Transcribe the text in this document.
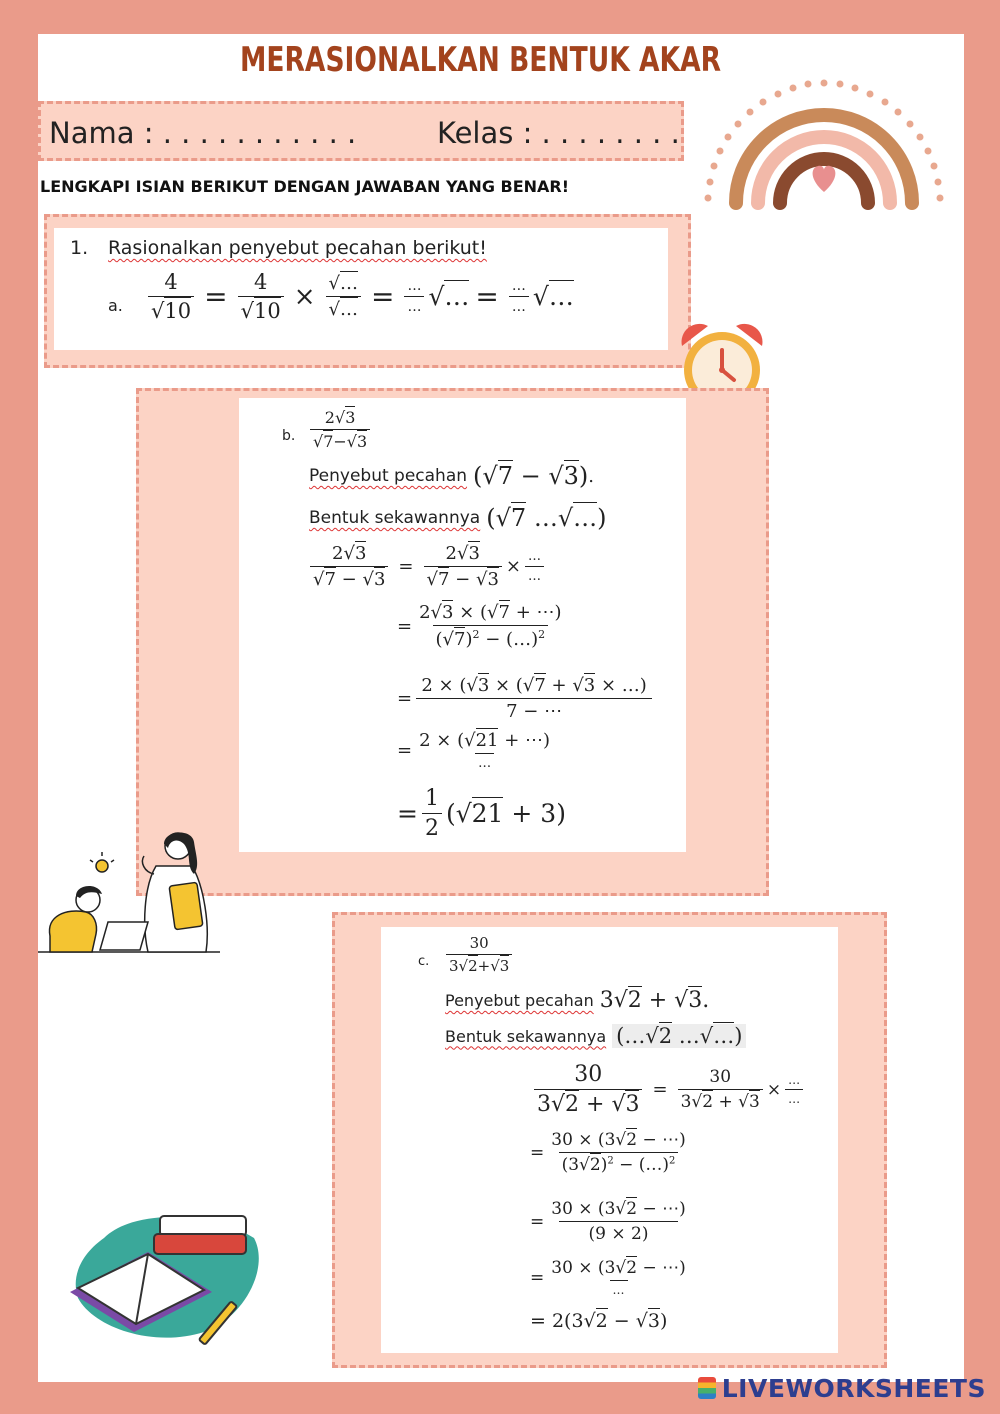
MERASIONALKAN BENTUK AKAR
Nama : . . . . . . . . . . .	Kelas : . . . . . . . .
LENGKAPI ISIAN BERIKUT DENGAN JAWABAN YANG BENAR!
1. Rasionalkan penyebut pecahan berikut!
a. $\frac{4}{√10} = \frac{4}{√10} \times \frac{√\dots}{√\dots} = \frac{\dots}{\dots}$ √… = $\frac{\dots}{\dots}$ √…
b. $\frac{2√3}{√7-√3}$
Penyebut pecahan (√7 − √3) .
Bentuk sekawannya (√7 …√…)
$\frac{2√3}{√7 - √3} = \frac{2√3}{√7 - √3} \times \frac{\dots}{\dots}$
= $\frac{2√3 \times (√7 + \cdots)}{(√7)^2 - (\dots)^2}$
= $\frac{2 \times (√3 \times (√7 + √3 \times \dots)}{7 - \cdots}$
= $\frac{2 \times (√21 + \cdots)}{\dots}$
= $\frac{1}{2} (√21 + 3)$
c. $\frac{30}{3√2+√3}$
Penyebut pecahan 3√2 + √3.
Bentuk sekawannya (…√2 …√…)
$\frac{30}{3√2 + √3} = \frac{30}{3√2 + √3} \times \frac{\dots}{\dots}$
= $\frac{30 \times (3√2 - \cdots)}{(3√2)^2 - (\dots)^2}$
= $\frac{30 \times (3√2 - \cdots)}{(9 \times 2)}$
= $\frac{30 \times (3√2 - \cdots)}{\dots}$
= 2(3√2 − √3)
LIVEWORKSHEETS
